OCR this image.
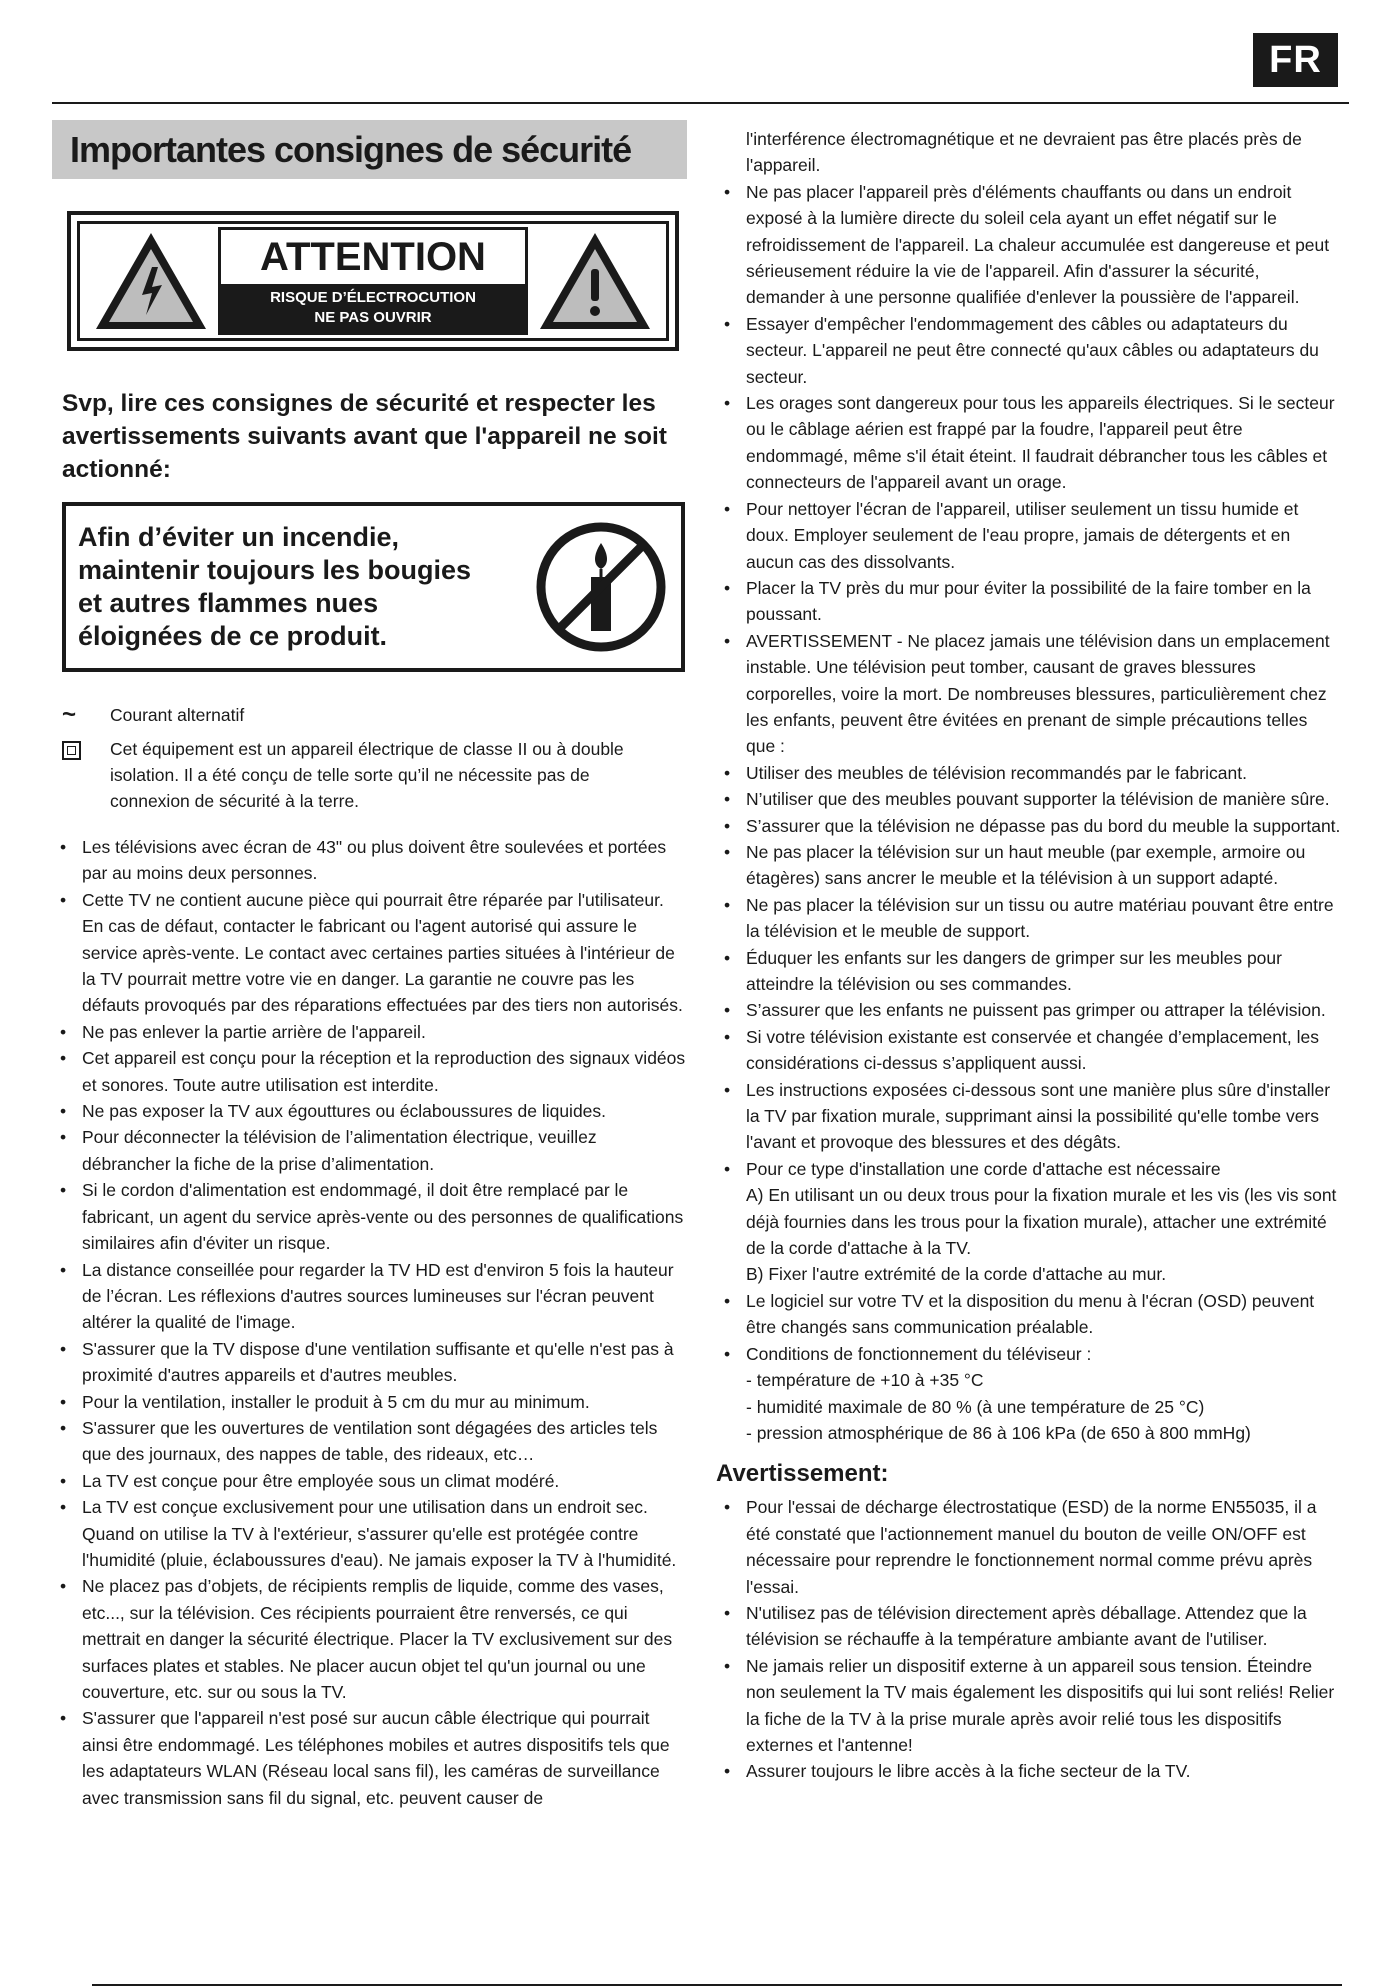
FR
Importantes consignes de sécurité
ATTENTION
RISQUE D’ÉLECTROCUTION
NE PAS OUVRIR
Svp, lire ces consignes de sécurité et respecter les avertissements suivants avant que l'appareil ne soit actionné:
Afin d’éviter un incendie,
maintenir toujours les bougies
et autres flammes nues
éloignées de ce produit.
~	Courant alternatif
Cet équipement est un appareil électrique de classe II ou à double isolation. Il a été conçu de telle sorte qu’il ne nécessite pas de connexion de sécurité à la terre.
• Les télévisions avec écran de 43" ou plus doivent être soulevées et portées par au moins deux personnes.
• Cette TV ne contient aucune pièce qui pourrait être réparée par l'utilisateur. En cas de défaut, contacter le fabricant ou l'agent autorisé qui assure le service après-vente. Le contact avec certaines parties situées à l'intérieur de la TV pourrait mettre votre vie en danger. La garantie ne couvre pas les défauts provoqués par des réparations effectuées par des tiers non autorisés.
• Ne pas enlever la partie arrière de l'appareil.
• Cet appareil est conçu pour la réception et la reproduction des signaux vidéos et sonores. Toute autre utilisation est interdite.
• Ne pas exposer la TV aux égouttures ou éclaboussures de liquides.
• Pour déconnecter la télévision de l’alimentation électrique, veuillez débrancher la fiche de la prise d’alimentation.
• Si le cordon d'alimentation est endommagé, il doit être remplacé par le fabricant, un agent du service après-vente ou des personnes de qualifications similaires afin d'éviter un risque.
• La distance conseillée pour regarder la TV HD est d'environ 5 fois la hauteur de l’écran. Les réflexions d'autres sources lumineuses sur l'écran peuvent altérer la qualité de l'image.
• S'assurer que la TV dispose d'une ventilation suffisante et qu'elle n'est pas à proximité d'autres appareils et d'autres meubles.
• Pour la ventilation, installer le produit à 5 cm du mur au minimum.
• S'assurer que les ouvertures de ventilation sont dégagées des articles tels que des journaux, des nappes de table, des rideaux, etc…
• La TV est conçue pour être employée sous un climat modéré.
• La TV est conçue exclusivement pour une utilisation dans un endroit sec. Quand on utilise la TV à l'extérieur, s'assurer qu'elle est protégée contre l'humidité (pluie, éclaboussures d'eau). Ne jamais exposer la TV à l'humidité.
• Ne placez pas d’objets, de récipients remplis de liquide, comme des vases, etc..., sur la télévision. Ces récipients pourraient être renversés, ce qui mettrait en danger la sécurité électrique. Placer la TV exclusivement sur des surfaces plates et stables. Ne placer aucun objet tel qu'un journal ou une couverture, etc. sur ou sous la TV.
• S'assurer que l'appareil n'est posé sur aucun câble électrique qui pourrait ainsi être endommagé. Les téléphones mobiles et autres dispositifs tels que les adaptateurs WLAN (Réseau local sans fil), les caméras de surveillance avec transmission sans fil du signal, etc. peuvent causer de
l'interférence électromagnétique et ne devraient pas être placés près de l'appareil.
• Ne pas placer l'appareil près d'éléments chauffants ou dans un endroit exposé à la lumière directe du soleil cela ayant un effet négatif sur le refroidissement de l'appareil. La chaleur accumulée est dangereuse et peut sérieusement réduire la vie de l'appareil. Afin d'assurer la sécurité, demander à une personne qualifiée d'enlever la poussière de l'appareil.
• Essayer d'empêcher l'endommagement des câbles ou adaptateurs du secteur. L'appareil ne peut être connecté qu'aux câbles ou adaptateurs du secteur.
• Les orages sont dangereux pour tous les appareils électriques. Si le secteur ou le câblage aérien est frappé par la foudre, l'appareil peut être endommagé, même s'il était éteint. Il faudrait débrancher tous les câbles et connecteurs de l'appareil avant un orage.
• Pour nettoyer l'écran de l'appareil, utiliser seulement un tissu humide et doux. Employer seulement de l'eau propre, jamais de détergents et en aucun cas des dissolvants.
• Placer la TV près du mur pour éviter la possibilité de la faire tomber en la poussant.
• AVERTISSEMENT - Ne placez jamais une télévision dans un emplacement instable. Une télévision peut tomber, causant de graves blessures corporelles, voire la mort. De nombreuses blessures, particulièrement chez les enfants, peuvent être évitées en prenant de simple précautions telles que :
• Utiliser des meubles de télévision recommandés par le fabricant.
• N’utiliser que des meubles pouvant supporter la télévision de manière sûre.
• S’assurer que la télévision ne dépasse pas du bord du meuble la supportant.
• Ne pas placer la télévision sur un haut meuble (par exemple, armoire ou étagères) sans ancrer le meuble et la télévision à un support adapté.
• Ne pas placer la télévision sur un tissu ou autre matériau pouvant être entre la télévision et le meuble de support.
• Éduquer les enfants sur les dangers de grimper sur les meubles pour atteindre la télévision ou ses commandes.
• S’assurer que les enfants ne puissent pas grimper ou attraper la télévision.
• Si votre télévision existante est conservée et changée d’emplacement, les considérations ci-dessus s’appliquent aussi.
• Les instructions exposées ci-dessous sont une manière plus sûre d'installer la TV par fixation murale, supprimant ainsi la possibilité qu'elle tombe vers l'avant et provoque des blessures et des dégâts.
• Pour ce type d'installation une corde d'attache est nécessaire
A) En utilisant un ou deux trous pour la fixation murale et les vis (les vis sont déjà fournies dans les trous pour la fixation murale), attacher une extrémité de la corde d'attache à la TV.
B) Fixer l'autre extrémité de la corde d'attache au mur.
• Le logiciel sur votre TV et la disposition du menu à l'écran (OSD) peuvent être changés sans communication préalable.
• Conditions de fonctionnement du téléviseur :
- température de +10 à +35 °C
- humidité maximale de 80 % (à une température de 25 °C)
- pression atmosphérique de 86 à 106 kPa (de 650 à 800 mmHg)
Avertissement:
• Pour l'essai de décharge électrostatique (ESD) de la norme EN55035, il a été constaté que l'actionnement manuel du bouton de veille ON/OFF est nécessaire pour reprendre le fonctionnement normal comme prévu après l'essai.
• N'utilisez pas de télévision directement après déballage. Attendez que la télévision se réchauffe à la température ambiante avant de l'utiliser.
• Ne jamais relier un dispositif externe à un appareil sous tension. Éteindre non seulement la TV mais également les dispositifs qui lui sont reliés! Relier la fiche de la TV à la prise murale après avoir relié tous les dispositifs externes et l'antenne!
• Assurer toujours le libre accès à la fiche secteur de la TV.
